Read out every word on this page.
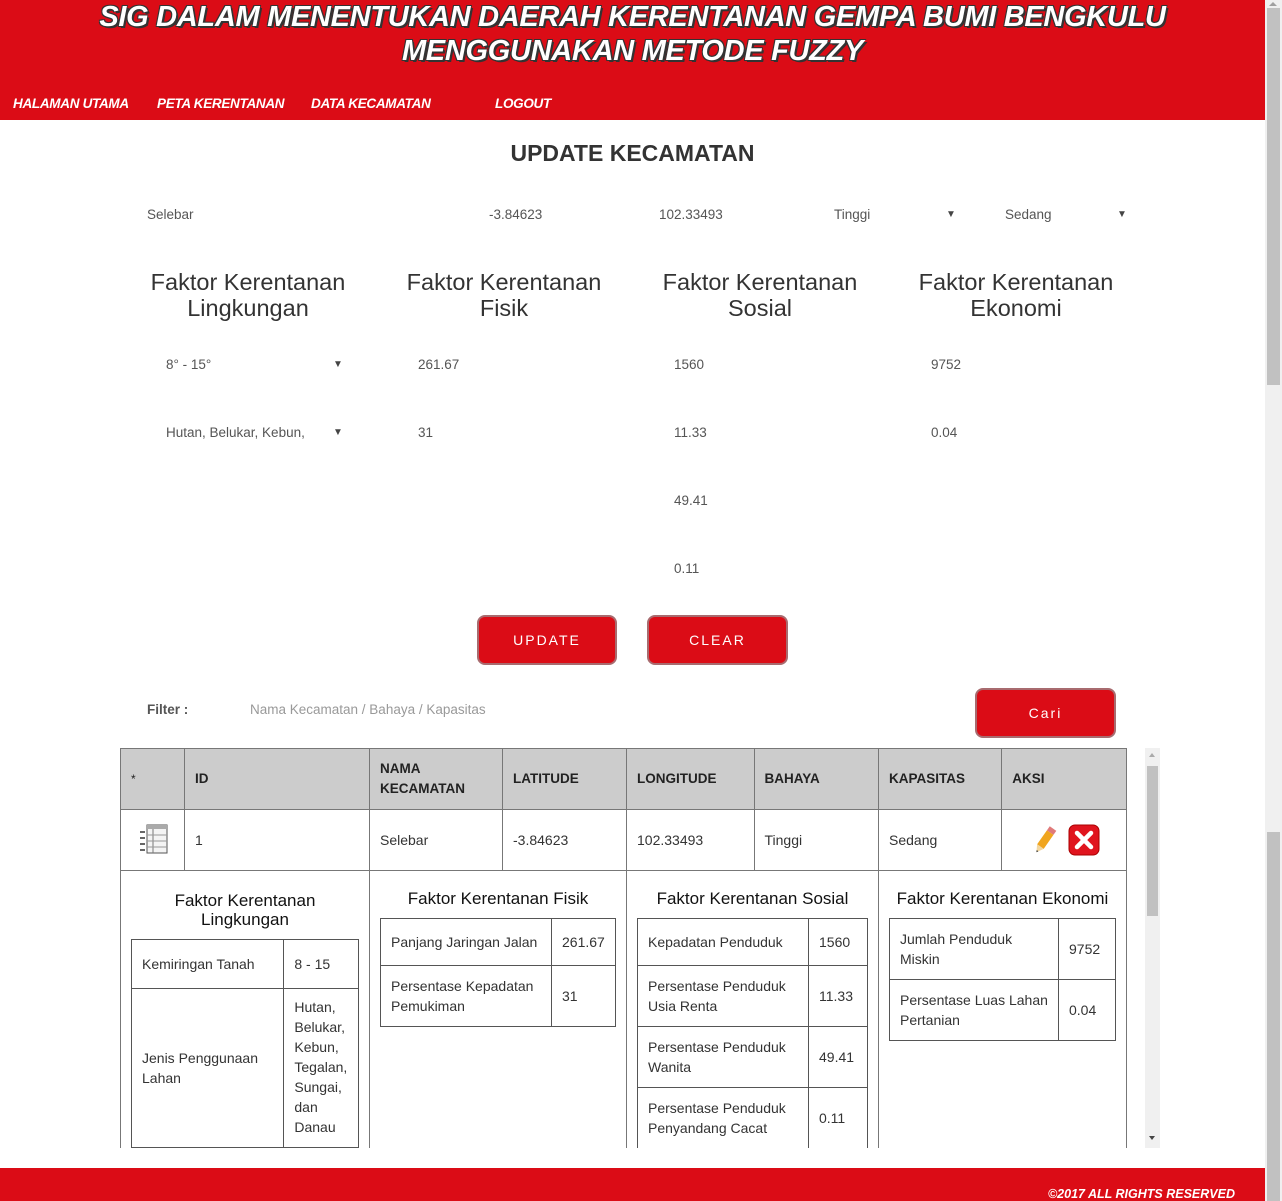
SIG DALAM MENENTUKAN DAERAH KERENTANAN GEMPA BUMI BENGKULU
MENGGUNAKAN METODE FUZZY
HALAMAN UTAMA PETA KERENTANAN DATA KECAMATAN	LOGOUT
UPDATE KECAMATAN
Selebar	-3.84623	102.33493	Tinggi	▼	Sedang	▼
Faktor Kerentanan
Lingkungan
Faktor Kerentanan
Fisik
Faktor Kerentanan
Sosial
Faktor Kerentanan
Ekonomi
8° - 15°	▼
Hutan, Belukar, Kebun,	▼
261.67
31
1560
11.33
49.41
0.11
9752
0.04
UPDATE	CLEAR
Filter :	Nama Kecamatan / Bahaya / Kapasitas	Cari
*	ID	NAMA KECAMATAN	LATITUDE	LONGITUDE	BAHAYA	KAPASITAS	AKSI
	1	Selebar	-3.84623	102.33493	Tinggi	Sedang	

Faktor Kerentanan Lingkungan
Kemiringan Tanah	8 - 15
Jenis Penggunaan Lahan	Hutan, Belukar, Kebun, Tegalan, Sungai, dan Danau

Faktor Kerentanan Fisik
Panjang Jaringan Jalan	261.67
Persentase Kepadatan Pemukiman	31

Faktor Kerentanan Sosial
Kepadatan Penduduk	1560
Persentase Penduduk Usia Renta	11.33
Persentase Penduduk Wanita	49.41
Persentase Penduduk Penyandang Cacat	0.11

Faktor Kerentanan Ekonomi
Jumlah Penduduk Miskin	9752
Persentase Luas Lahan Pertanian	0.04
©2017 ALL RIGHTS RESERVED
